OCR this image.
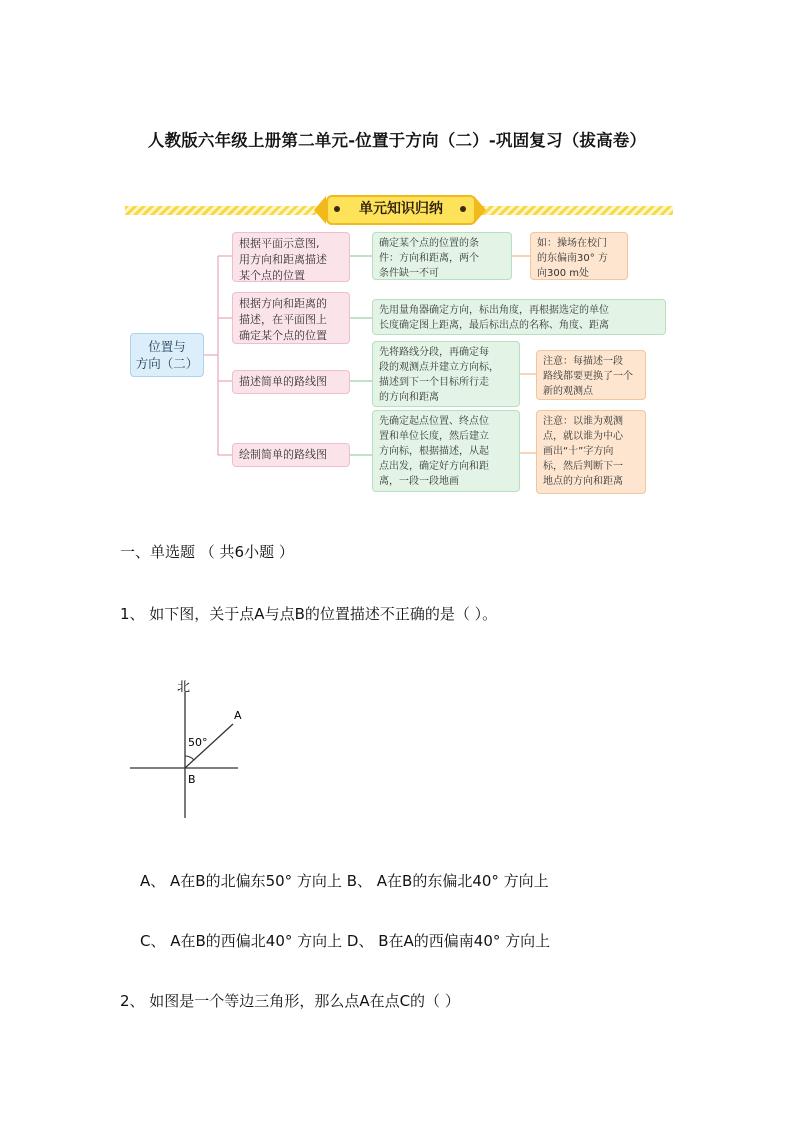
人教版六年级上册第二单元-位置于方向（二）-巩固复习（拔高卷）
单元知识归纳
位置与
方向（二）
根据平面示意图,
用方向和距离描述
某个点的位置
确定某个点的位置的条
件：方向和距离，两个
条件缺一不可
如：操场在校门
的东偏南30° 方
向300 m处
根据方向和距离的
描述，在平面图上
确定某个点的位置
先用量角器确定方向，标出角度，再根据选定的单位
长度确定图上距离，最后标出点的名称、角度、距离
描述简单的路线图
先将路线分段，再确定每
段的观测点并建立方向标，
描述到下一个目标所行走
的方向和距离
注意：每描述一段
路线都要更换了一个
新的观测点
绘制简单的路线图
先确定起点位置、终点位
置和单位长度，然后建立
方向标，根据描述，从起
点出发，确定好方向和距
离，一段一段地画
注意：以谁为观测
点，就以谁为中心
画出“十”字方向
标，然后判断下一
地点的方向和距离
一、单选题 （ 共6小题 ）
1、 如下图，关于点A与点B的位置描述不正确的是（ ）。
北
50°
A
B
A、 A在B的北偏东50° 方向上 B、 A在B的东偏北40° 方向上
C、 A在B的西偏北40° 方向上 D、 B在A的西偏南40° 方向上
2、 如图是一个等边三角形，那么点A在点C的（ ）
